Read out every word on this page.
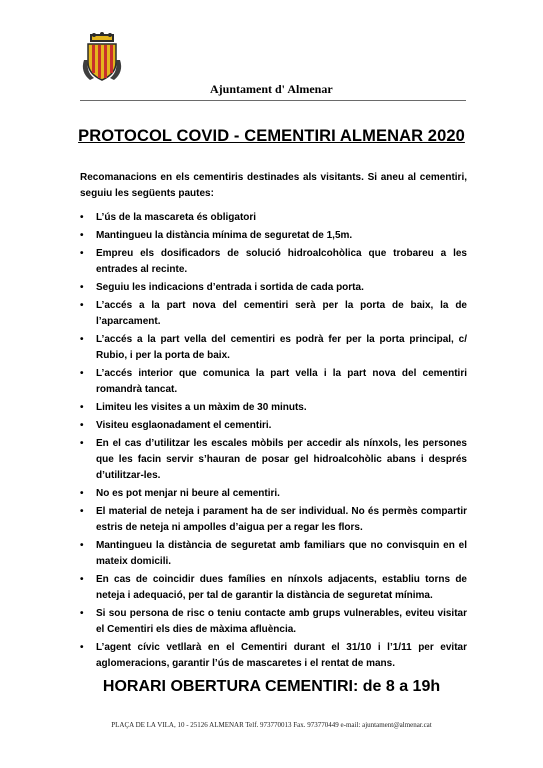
Ajuntament d' Almenar
PROTOCOL COVID - CEMENTIRI ALMENAR 2020
Recomanacions en els cementiris destinades als visitants. Si aneu al cementiri, seguiu les següents pautes:
• L’ús de la mascareta és obligatori
• Mantingueu la distància mínima de seguretat de 1,5m.
• Empreu els dosificadors de solució hidroalcohòlica que trobareu a les entrades al recinte.
• Seguiu les indicacions d’entrada i sortida de cada porta.
• L’accés a la part nova del cementiri serà per la porta de baix, la de l’aparcament.
• L’accés a la part vella del cementiri es podrà fer per la porta principal, c/ Rubio, i per la porta de baix.
• L’accés interior que comunica la part vella i la part nova del cementiri romandrà tancat.
• Limiteu les visites a un màxim de 30 minuts.
• Visiteu esglaonadament el cementiri.
• En el cas d’utilitzar les escales mòbils per accedir als nínxols, les persones que les facin servir s’hauran de posar gel hidroalcohòlic abans i després d’utilitzar-les.
• No es pot menjar ni beure al cementiri.
• El material de neteja i parament ha de ser individual. No és permès compartir estris de neteja ni ampolles d’aigua per a regar les flors.
• Mantingueu la distància de seguretat amb familiars que no convisquin en el mateix domicili.
• En cas de coincidir dues famílies en nínxols adjacents, establiu torns de neteja i adequació, per tal de garantir la distància de seguretat mínima.
• Si sou persona de risc o teniu contacte amb grups vulnerables, eviteu visitar el Cementiri els dies de màxima afluència.
• L’agent cívic vetllarà en el Cementiri durant el 31/10 i l’1/11 per evitar aglomeracions, garantir l’ús de mascaretes i el rentat de mans.
HORARI OBERTURA CEMENTIRI: de 8 a 19h
PLAÇA DE LA VILA, 10 - 25126 ALMENAR Telf. 973770013 Fax. 973770449 e-mail: ajuntament@almenar.cat
